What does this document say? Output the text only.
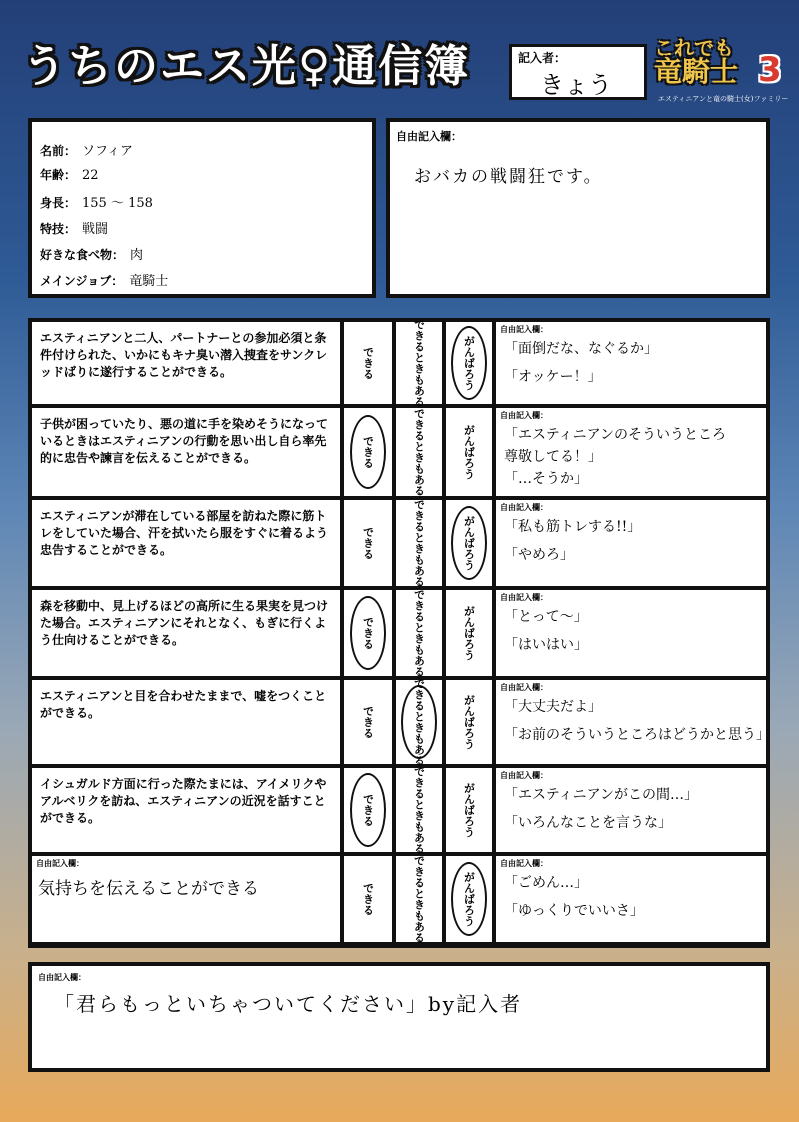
うちのエス光♀通信簿	記入者：
きょう
これでも
竜騎士 3
エスティニアンと竜の騎士(女)ファミリー
名前： ソフィア
年齢： 22
身長： 155 ～ 158
特技： 戦闘
好きな食べ物： 肉
メインジョブ： 竜騎士
自由記入欄：
おバカの戦闘狂です。
エスティニアンと二人、パートナーとの参加必須と条件付けられた、いかにもキナ臭い潜入捜査をサンクレッドばりに遂行することができる。	できる	できるときもある	がんばろう
自由記入欄：
「面倒だな、なぐるか」
「オッケー！」
子供が困っていたり、悪の道に手を染めそうになっているときはエスティニアンの行動を思い出し自ら率先的に忠告や諫言を伝えることができる。	できる	できるときもある	がんばろう
自由記入欄：
「エスティニアンのそういうところ
尊敬してる！」
「…そうか」
エスティニアンが滞在している部屋を訪ねた際に筋トレをしていた場合、汗を拭いたら服をすぐに着るよう忠告することができる。	できる	できるときもある	がんばろう
自由記入欄：
「私も筋トレする!!」
「やめろ」
森を移動中、見上げるほどの高所に生る果実を見つけた場合。エスティニアンにそれとなく、もぎに行くよう仕向けることができる。	できる	できるときもある	がんばろう
自由記入欄：
「とって～」
「はいはい」
エスティニアンと目を合わせたままで、嘘をつくことができる。	できる	できるときもある	がんばろう
自由記入欄：
「大丈夫だよ」
「お前のそういうところはどうかと思う」
イシュガルド方面に行った際たまには、アイメリクやアルベリクを訪ね、エスティニアンの近況を話すことができる。	できる	できるときもある	がんばろう
自由記入欄：
「エスティニアンがこの間…」
「いろんなことを言うな」
自由記入欄：
気持ちを伝えることができる	できる	できるときもある	がんばろう
自由記入欄：
「ごめん…」
「ゆっくりでいいさ」
自由記入欄：
「君らもっといちゃついてください」by記入者
